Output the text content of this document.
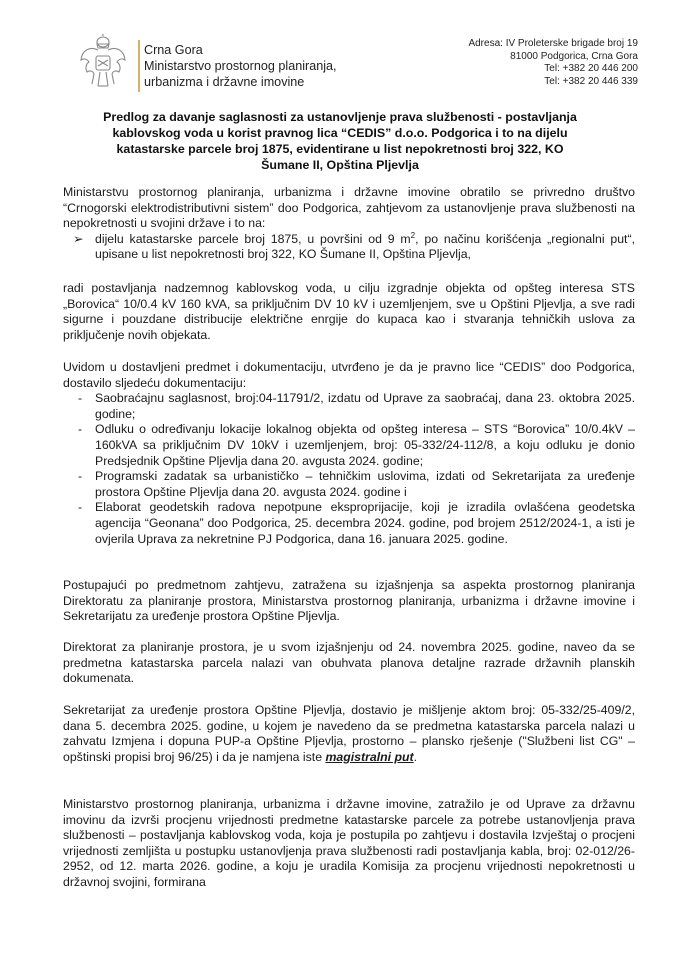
Crna Gora
Ministarstvo prostornog planiranja,
urbanizma i državne imovine
Adresa: IV Proleterske brigade broj 19
81000 Podgorica, Crna Gora
Tel: +382 20 446 200
Tel: +382 20 446 339
Predlog za davanje saglasnosti za ustanovljenje prava službenosti - postavljanja
kablovskog voda u korist pravnog lica “CEDIS” d.o.o. Podgorica i to na dijelu
katastarske parcele broj 1875, evidentirane u list nepokretnosti broj 322, KO
Šumane II, Opština Pljevlja

Ministarstvu prostornog planiranja, urbanizma i državne imovine obratilo se privredno društvo “Crnogorski elektrodistributivni sistem” doo Podgorica, zahtjevom za ustanovljenje prava službenosti na nepokretnosti u svojini države i to na:

➢ dijelu katastarske parcele broj 1875, u površini od 9 $m^2$, po načinu korišćenja „regionalni put“, upisane u list nepokretnosti broj 322, KO Šumane II, Opština Pljevlja,

radi postavljanja nadzemnog kablovskog voda, u cilju izgradnje objekta od opšteg interesa STS „Borovica“ 10/0.4 kV 160 kVA, sa priključnim DV 10 kV i uzemljenjem, sve u Opštini Pljevlja, a sve radi sigurne i pouzdane distribucije električne enrgije do kupaca kao i stvaranja tehničkih uslova za priključenje novih objekata.

Uvidom u dostavljeni predmet i dokumentaciju, utvrđeno je da je pravno lice “CEDIS” doo Podgorica, dostavilo sljedeću dokumentaciju:

- Saobraćajnu saglasnost, broj:04-11791/2, izdatu od Uprave za saobraćaj, dana 23. oktobra 2025. godine;
- Odluku o određivanju lokacije lokalnog objekta od opšteg interesa – STS “Borovica” 10/0.4kV – 160kVA sa priključnim DV 10kV i uzemljenjem, broj: 05-332/24-112/8, a koju odluku je donio Predsjednik Opštine Pljevlja dana 20. avgusta 2024. godine;
- Programski zadatak sa urbanističko – tehničkim uslovima, izdati od Sekretarijata za uređenje prostora Opštine Pljevlja dana 20. avgusta 2024. godine i
- Elaborat geodetskih radova nepotpune eksproprijacije, koji je izradila ovlašćena geodetska agencija “Geonana” doo Podgorica, 25. decembra 2024. godine, pod brojem 2512/2024-1, a isti je ovjerila Uprava za nekretnine PJ Podgorica, dana 16. januara 2025. godine.

Postupajući po predmetnom zahtjevu, zatražena su izjašnjenja sa aspekta prostornog planiranja Direktoratu za planiranje prostora, Ministarstva prostornog planiranja, urbanizma i državne imovine i Sekretarijatu za uređenje prostora Opštine Pljevlja.

Direktorat za planiranje prostora, je u svom izjašnjenju od 24. novembra 2025. godine, naveo da se predmetna katastarska parcela nalazi van obuhvata planova detaljne razrade državnih planskih dokumenata.

Sekretarijat za uređenje prostora Opštine Pljevlja, dostavio je mišljenje aktom broj: 05-332/25-409/2, dana 5. decembra 2025. godine, u kojem je navedeno da se predmetna katastarska parcela nalazi u zahvatu Izmjena i dopuna PUP-a Opštine Pljevlja, prostorno – plansko rješenje ("Službeni list CG" – opštinski propisi broj 96/25) i da je namjena iste magistralni put.

Ministarstvo prostornog planiranja, urbanizma i državne imovine, zatražilo je od Uprave za državnu imovinu da izvrši procjenu vrijednosti predmetne katastarske parcele za potrebe ustanovljenja prava službenosti – postavljanja kablovskog voda, koja je postupila po zahtjevu i dostavila Izvještaj o procjeni vrijednosti zemljišta u postupku ustanovljenja prava službenosti radi postavljanja kabla, broj: 02-012/26-2952, od 12. marta 2026. godine, a koju je uradila Komisija za procjenu vrijednosti nepokretnosti u državnoj svojini, formirana
